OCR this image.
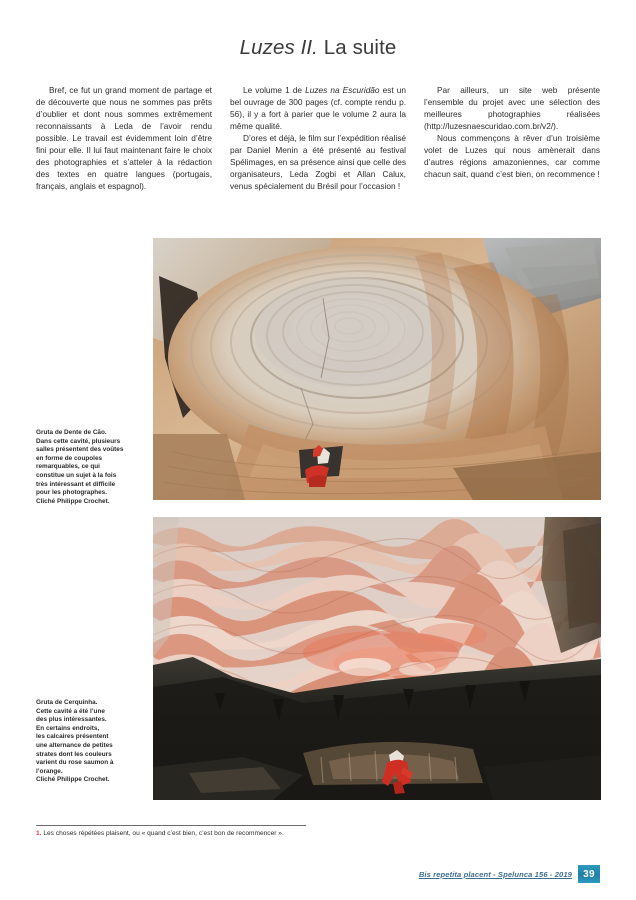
Luzes II. La suite

Bref, ce fut un grand moment de partage et de découverte que nous ne sommes pas prêts d’oublier et dont nous sommes extrêmement reconnaissants à Leda de l’avoir rendu possible. Le travail est évidemment loin d’être fini pour elle. Il lui faut maintenant faire le choix des photographies et s’atteler à la rédaction des textes en quatre langues (portugais, français, anglais et espagnol).

Le volume 1 de Luzes na Escuridão est un bel ouvrage de 300 pages (cf. compte rendu p. 56), il y a fort à parier que le volume 2 aura la même qualité.

D’ores et déjà, le film sur l’expédition réalisé par Daniel Menin a été présenté au festival Spélimages, en sa présence ainsi que celle des organisateurs, Leda Zogbi et Allan Calux, venus spécialement du Brésil pour l’occasion !

Par ailleurs, un site web présente l’ensemble du projet avec une sélection des meilleures photographies réalisées (http://luzesnaescuridao.com.br/v2/).

Nous commençons à rêver d’un troisième volet de Luzes qui nous amènerait dans d’autres régions amazoniennes, car comme chacun sait, quand c’est bien, on recommence !

Gruta de Dente de Cão.
Dans cette cavité, plusieurs
salles présentent des voûtes
en forme de coupoles
remarquables, ce qui
constitue un sujet à la fois
très intéressant et difficile
pour les photographes.
Cliché Philippe Crochet.
Gruta de Cerquinha.
Cette cavité a été l’une
des plus intéressantes.
En certains endroits,
les calcaires présentent
une alternance de petites
strates dont les couleurs
varient du rose saumon à
l’orange.
Cliché Philippe Crochet.
1. Les choses répétées plaisent, ou « quand c’est bien, c’est bon de recommencer ».
Bis repetita placent - Spelunca 156 - 2019	39
